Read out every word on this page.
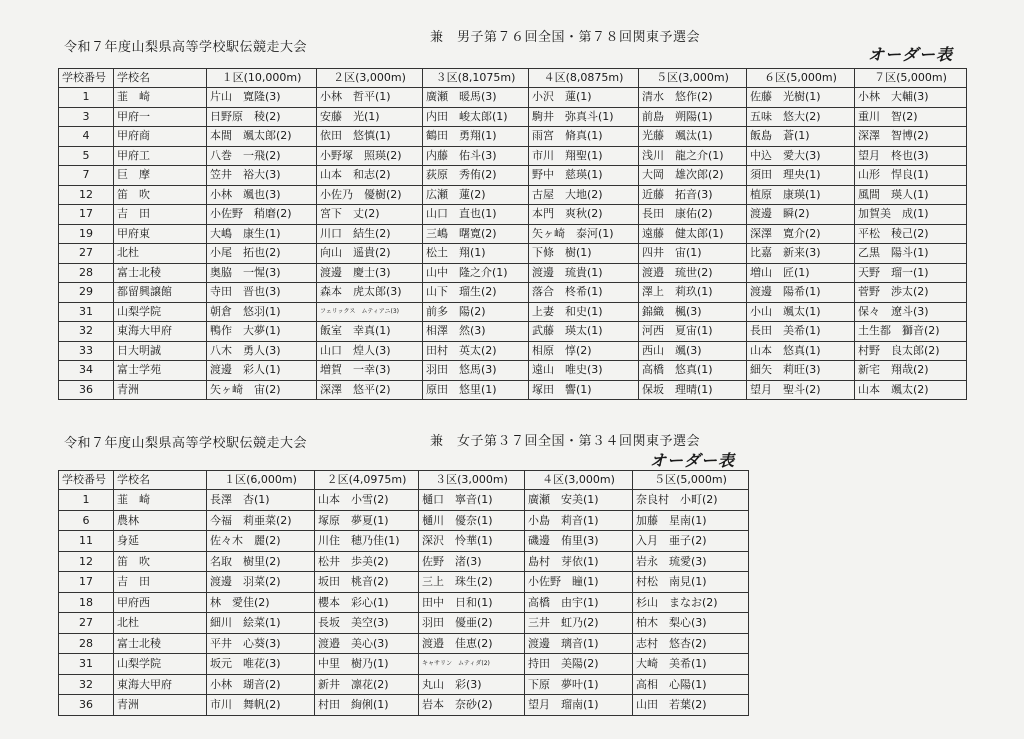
令和７年度山梨県高等学校駅伝競走大会
兼　男子第７６回全国・第７８回関東予選会
オーダー表
学校番号	学校名	１区(10,000m)	２区(3,000m)	３区(8,1075m)	４区(8,0875m)	５区(3,000m)	６区(5,000m)	７区(5,000m)
1	韮　崎	片山　寛隆(3)	小林　哲平(1)	廣瀬　暖馬(3)	小沢　蓮(1)	清水　悠作(2)	佐藤　光樹(1)	小林　大輔(3)
3	甲府一	日野原　稜(2)	安藤　光(1)	内田　峻太郎(1)	駒井　弥真斗(1)	前島　朔陽(1)	五味　悠大(2)	重川　智(2)
4	甲府商	本間　颯太郎(2)	依田　悠慎(1)	鶴田　勇翔(1)	雨宮　脩真(1)	光藤　颯汰(1)	飯島　蒼(1)	深澤　智博(2)
5	甲府工	八巻　一飛(2)	小野塚　照瑛(2)	内藤　佑斗(3)	市川　翔聖(1)	浅川　龍之介(1)	中込　愛大(3)	望月　柊也(3)
7	巨　摩	笠井　裕大(3)	山本　和志(2)	荻原　秀侑(2)	野中　慈瑛(1)	大岡　雄次郎(2)	須田　理央(1)	山形　悍良(1)
12	笛　吹	小林　颯也(3)	小佐乃　優樹(2)	広瀬　蓮(2)	古屋　大地(2)	近藤　拓音(3)	植原　康瑛(1)	風間　瑛人(1)
17	吉　田	小佐野　稍磨(2)	宮下　丈(2)	山口　直也(1)	本門　爽秋(2)	長田　康佑(2)	渡邊　瞬(2)	加賀美　成(1)
19	甲府東	大嶋　康生(1)	川口　結生(2)	三嶋　曙寛(2)	矢ヶ崎　泰河(1)	遠藤　健太郎(1)	深澤　寛介(2)	平松　稜己(2)
27	北杜	小尾　拓也(2)	向山　遥貴(2)	松土　翔(1)	下條　樹(1)	四井　宙(1)	比嘉　新来(3)	乙黒　陽斗(1)
28	富士北稜	奥脇　一惺(3)	渡邊　慶士(3)	山中　隆之介(1)	渡邊　琉貴(1)	渡邉　琉世(2)	増山　匠(1)	天野　瑠一(1)
29	都留興譲館	寺田　晋也(3)	森本　虎太郎(3)	山下　瑠生(2)	落合　柊希(1)	澤上　莉玖(1)	渡邊　陽希(1)	菅野　渉太(2)
31	山梨学院	朝倉　悠羽(1)	フェリックス　ムティアニ(3)	前多　陽(2)	上妻　和史(1)	錦織　楓(3)	小山　颯太(1)	保々　遼斗(3)
32	東海大甲府	鴨作　大夢(1)	飯室　幸真(1)	相澤　然(3)	武藤　瑛太(1)	河西　夏宙(1)	長田　美希(1)	土生都　獅音(2)
33	日大明誠	八木　勇人(3)	山口　煌人(3)	田村　英太(2)	相原　惇(2)	西山　颯(3)	山本　悠真(1)	村野　良太郎(2)
34	富士学苑	渡邊　彩人(1)	増賀　一幸(3)	羽田　悠馬(3)	遠山　唯史(3)	高橋　悠真(1)	細矢　莉旺(3)	新宅　翔哉(2)
36	青洲	矢ヶ崎　宙(2)	深澤　悠平(2)	原田　悠里(1)	塚田　響(1)	保坂　理晴(1)	望月　聖斗(2)	山本　颯太(2)
令和７年度山梨県高等学校駅伝競走大会	兼　女子第３７回全国・第３４回関東予選会
オーダー表
学校番号	学校名	１区(6,000m)	２区(4,0975m)	３区(3,000m)	４区(3,000m)	５区(5,000m)
1	韮　崎	長澤　杏(1)	山本　小雪(2)	樋口　寧音(1)	廣瀬　安美(1)	奈良村　小町(2)
6	農林	今福　莉亜菜(2)	塚原　夢夏(1)	樋川　優奈(1)	小島　莉音(1)	加藤　星南(1)
11	身延	佐々木　麗(2)	川住　穂乃佳(1)	深沢　怜華(1)	磯邊　侑里(3)	入月　亜子(2)
12	笛　吹	名取　樹里(2)	松井　歩美(2)	佐野　渚(3)	島村　芽依(1)	岩永　琉愛(3)
17	吉　田	渡邊　羽菜(2)	坂田　桃音(2)	三上　珠生(2)	小佐野　瞳(1)	村松　南見(1)
18	甲府西	林　愛佳(2)	櫻本　彩心(1)	田中　日和(1)	高橋　由宇(1)	杉山　まなお(2)
27	北杜	細川　絵菜(1)	長坂　美空(3)	羽田　優亜(2)	三井　虹乃(2)	柏木　梨心(3)
28	富士北稜	平井　心葵(3)	渡邉　美心(3)	渡邉　佳恵(2)	渡邊　璃音(1)	志村　悠杏(2)
31	山梨学院	坂元　唯花(3)	中里　樹乃(1)	キャサリン　ムティダ(2)	持田　美陽(2)	大崎　美希(1)
32	東海大甲府	小林　瑚音(2)	新井　凛花(2)	丸山　彩(3)	下原　夢叶(1)	高相　心陽(1)
36	青洲	市川　舞帆(2)	村田　絢俐(1)	岩本　奈砂(2)	望月　瑠南(1)	山田　若葉(2)
